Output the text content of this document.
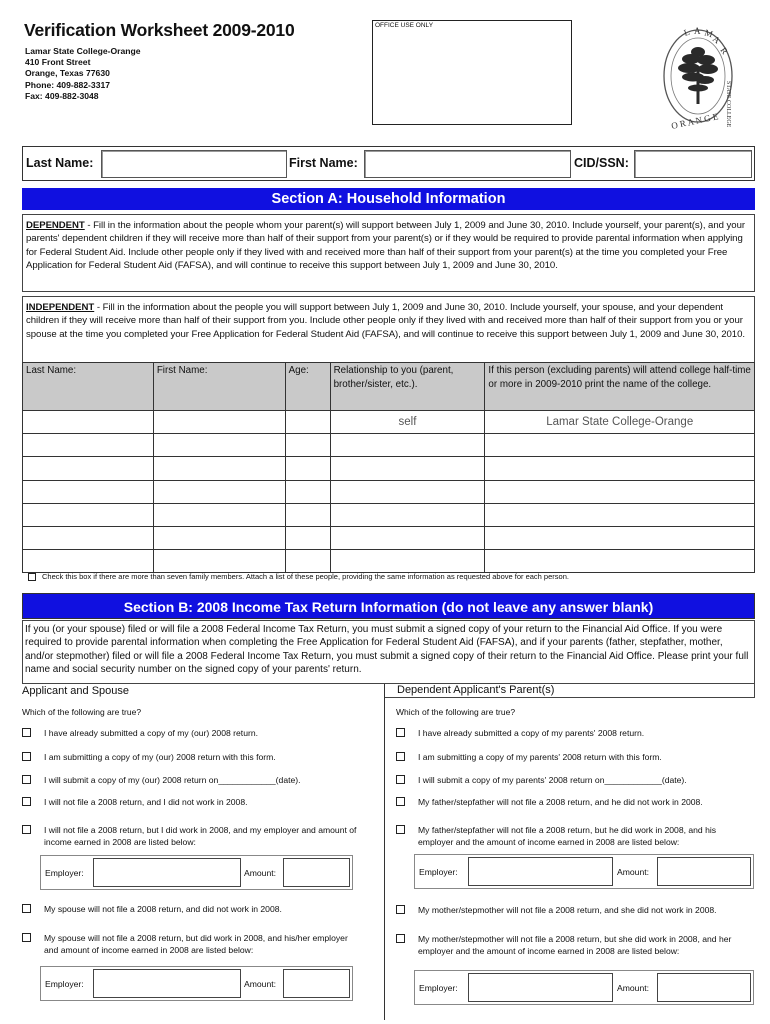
Verification Worksheet 2009-2010
Lamar State College-Orange
410 Front Street
Orange, Texas 77630
Phone: 409-882-3317
Fax: 409-882-3048
OFFICE USE ONLY
A
M
A
L
R
STATE COLLEGE
O R A N G E
Last Name:	First Name:	CID/SSN:
Section A: Household Information
DEPENDENT - Fill in the information about the people whom your parent(s) will support between July 1, 2009 and June 30, 2010. Include yourself, your parent(s), and your parents' dependent children if they will receive more than half of their support from your parent(s) or if they would be required to provide parental information when applying for Federal Student Aid. Include other people only if they lived with and received more than half of their support from your parent(s) at the time you completed your Free Application for Federal Student Aid (FAFSA), and will continue to receive this support between July 1, 2009 and June 30, 2010.
INDEPENDENT - Fill in the information about the people you will support between July 1, 2009 and June 30, 2010. Include yourself, your spouse, and your dependent children if they will receive more than half of their support from you. Include other people only if they lived with and received more than half of their support from you or your spouse at the time you completed your Free Application for Federal Student Aid (FAFSA), and will continue to receive this support between July 1, 2009 and June 30, 2010.
Last Name:	First Name:	Age:	Relationship to you (parent, brother/sister, etc.).	If this person (excluding parents) will attend college half-time or more in 2009-2010 print the name of the college.
			self	Lamar State College-Orange

Check this box if there are more than seven family members. Attach a list of these people, providing the same information as requested above for each person.
Section B: 2008 Income Tax Return Information (do not leave any answer blank)
If you (or your spouse) filed or will file a 2008 Federal Income Tax Return, you must submit a signed copy of your return to the Financial Aid Office. If you were required to provide parental information when completing the Free Application for Federal Student Aid (FAFSA), and if your parents (father, stepfather, mother, and/or stepmother) filed or will file a 2008 Federal Income Tax Return, you must submit a signed copy of their return to the Financial Aid Office. Please print your full name and social security number on the signed copy of your parents' return.
Applicant and Spouse	Dependent Applicant's Parent(s)
Which of the following are true?	Which of the following are true?
I have already submitted a copy of my (our) 2008 return.
I am submitting a copy of my (our) 2008 return with this form.
I will submit a copy of my (our) 2008 return on____________(date).
I will not file a 2008 return, and I did not work in 2008.
I will not file a 2008 return, but I did work in 2008, and my employer and amount of income earned in 2008 are listed below:
Employer:	Amount:
My spouse will not file a 2008 return, and did not work in 2008.
My spouse will not file a 2008 return, but did work in 2008, and his/her employer and amount of income earned in 2008 are listed below:
Employer:	Amount:
I have already submitted a copy of my parents' 2008 return.
I am submitting a copy of my parents' 2008 return with this form.
I will submit a copy of my parents' 2008 return on____________(date).
My father/stepfather will not file a 2008 return, and he did not work in 2008.
My father/stepfather will not file a 2008 return, but he did work in 2008, and his employer and the amount of income earned in 2008 are listed below:
Employer:	Amount:
My mother/stepmother will not file a 2008 return, and she did not work in 2008.
My mother/stepmother will not file a 2008 return, but she did work in 2008, and her employer and the amount of income earned in 2008 are listed below:
Employer:	Amount:
